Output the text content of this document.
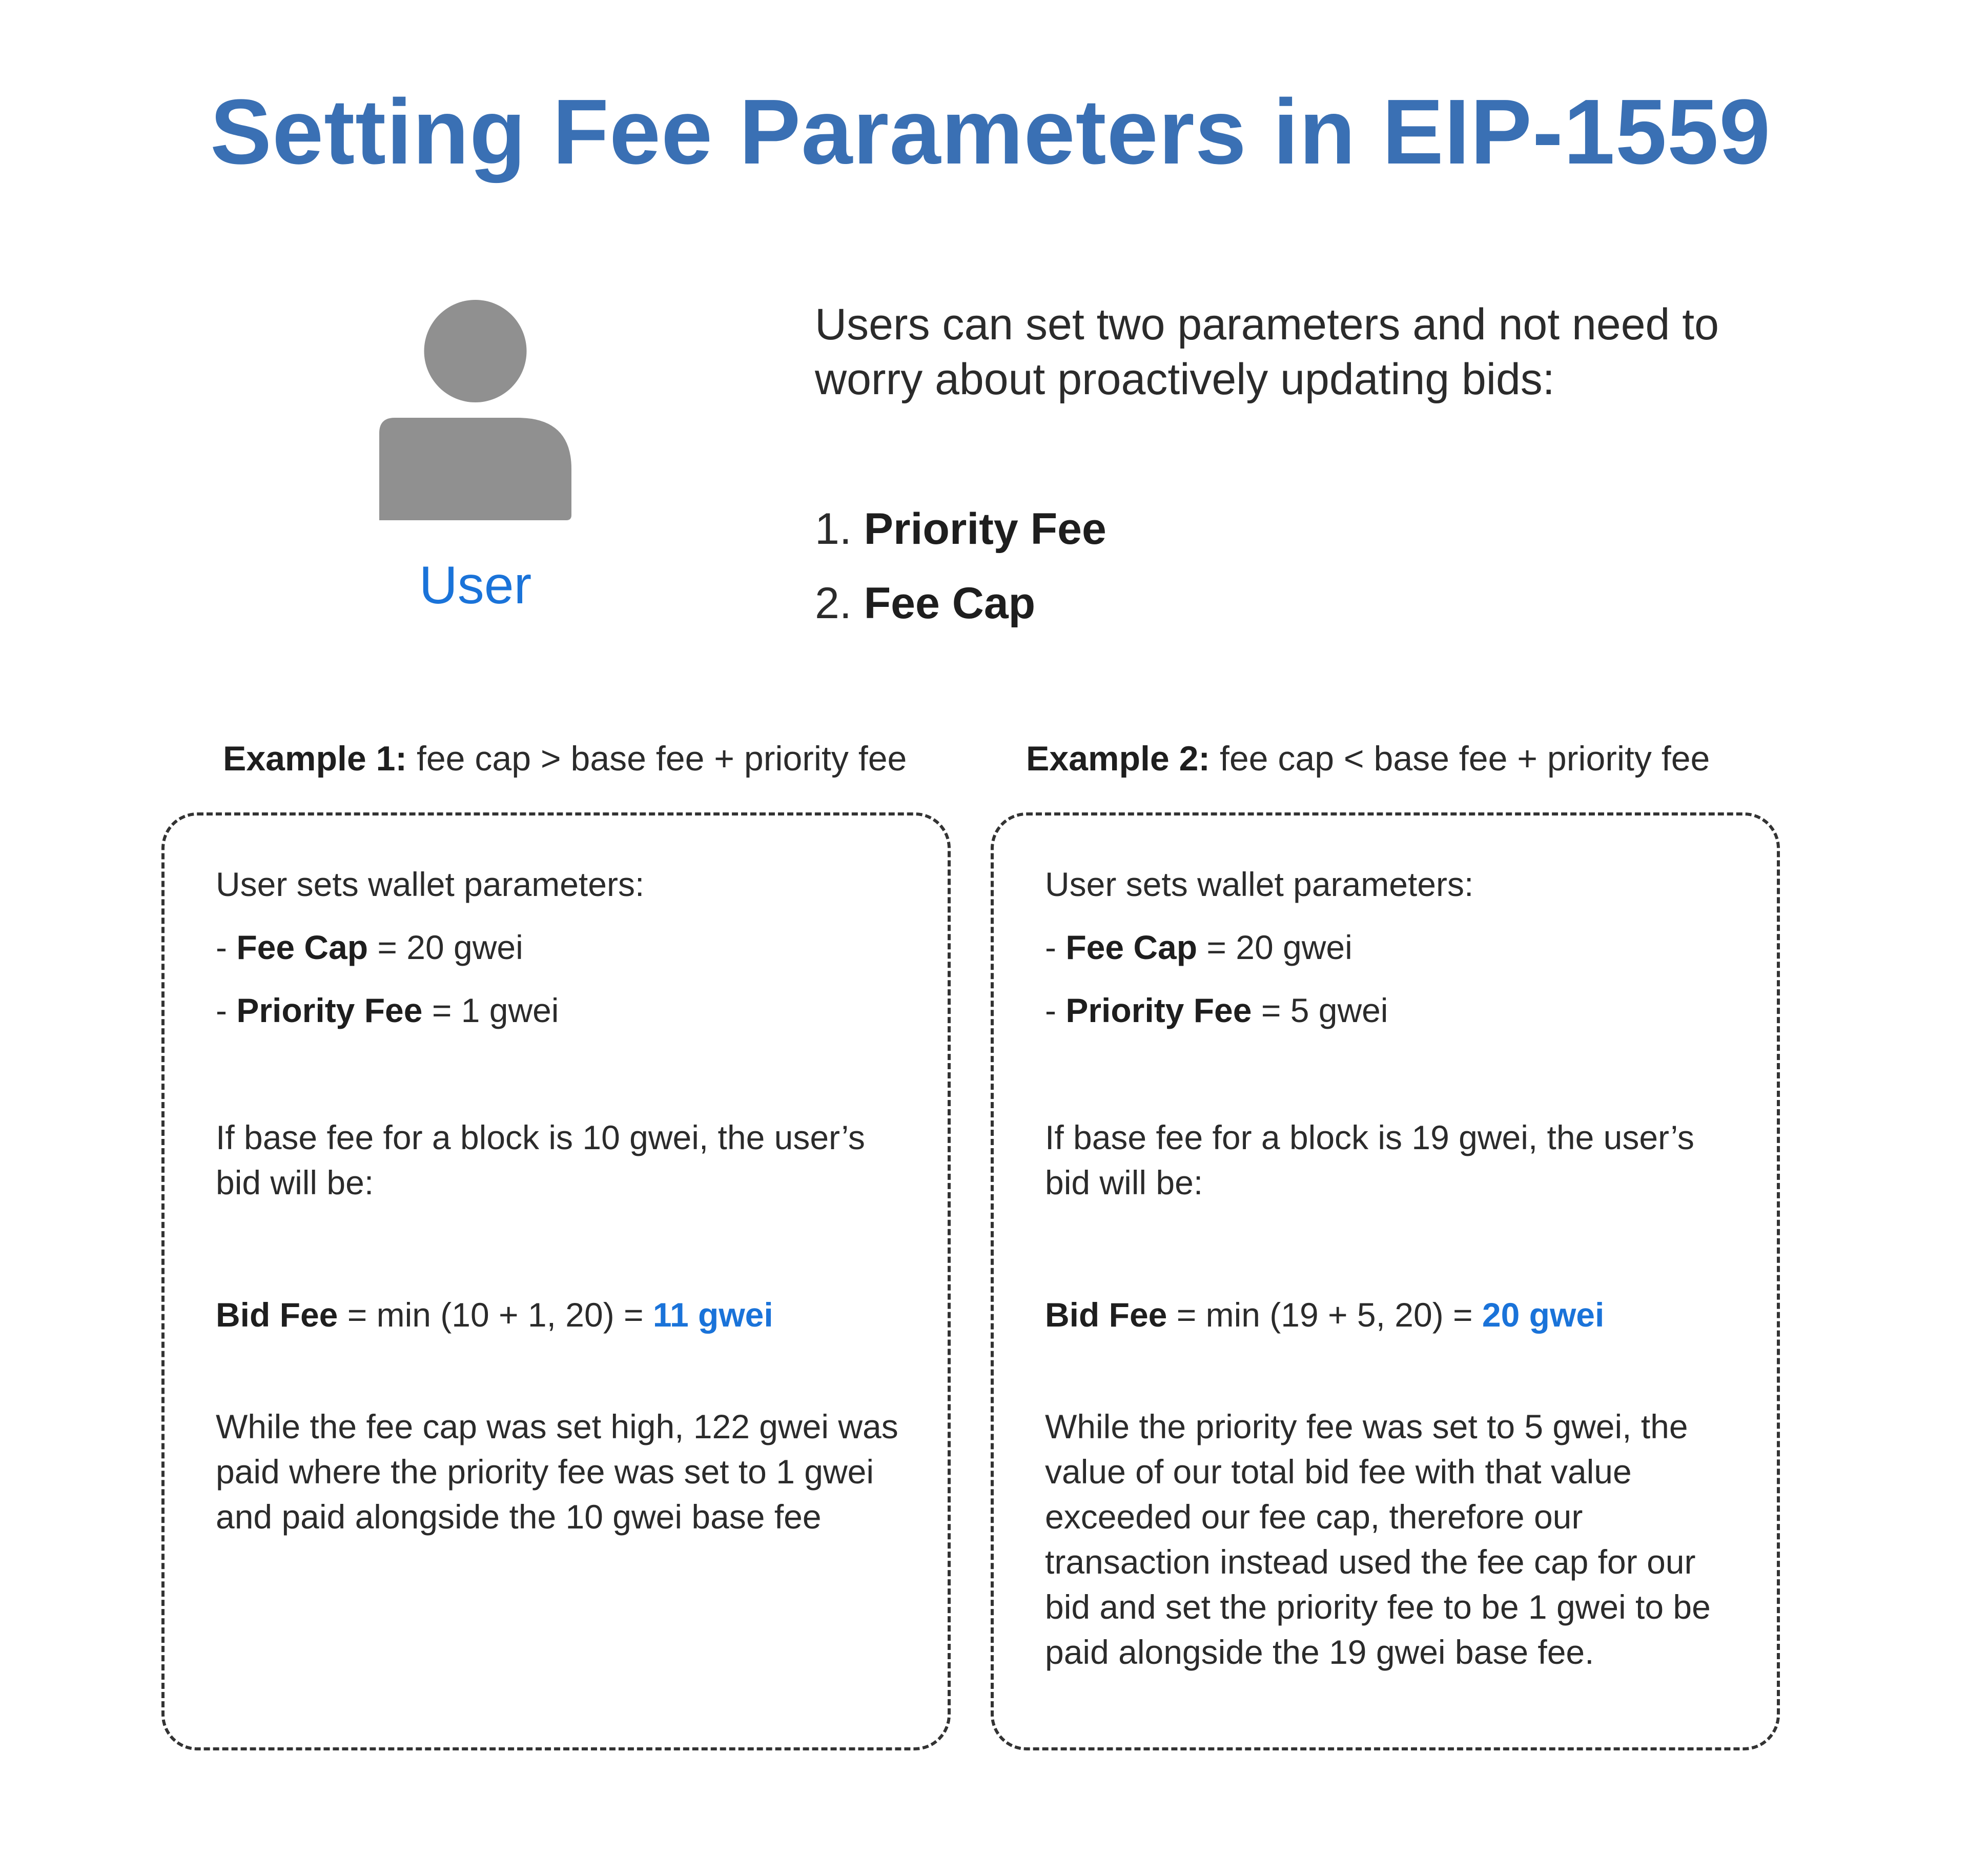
Setting Fee Parameters in EIP-1559
User

Users can set two parameters and not need to worry about proactively updating bids:

1. Priority Fee
2. Fee Cap
Example 1: fee cap > base fee + priority fee

User sets wallet parameters:

- Fee Cap = 20 gwei

- Priority Fee = 1 gwei

If base fee for a block is 10 gwei, the user’s bid will be:

Bid Fee = min (10 + 1, 20) = 11 gwei

While the fee cap was set high, 122 gwei was paid where the priority fee was set to 1 gwei and paid alongside the 10 gwei base fee

Example 2: fee cap < base fee + priority fee

User sets wallet parameters:

- Fee Cap = 20 gwei

- Priority Fee = 5 gwei

If base fee for a block is 19 gwei, the user’s bid will be:

Bid Fee = min (19 + 5, 20) = 20 gwei

While the priority fee was set to 5 gwei, the value of our total bid fee with that value exceeded our fee cap, therefore our transaction instead used the fee cap for our bid and set the priority fee to be 1 gwei to be paid alongside the 19 gwei base fee.
